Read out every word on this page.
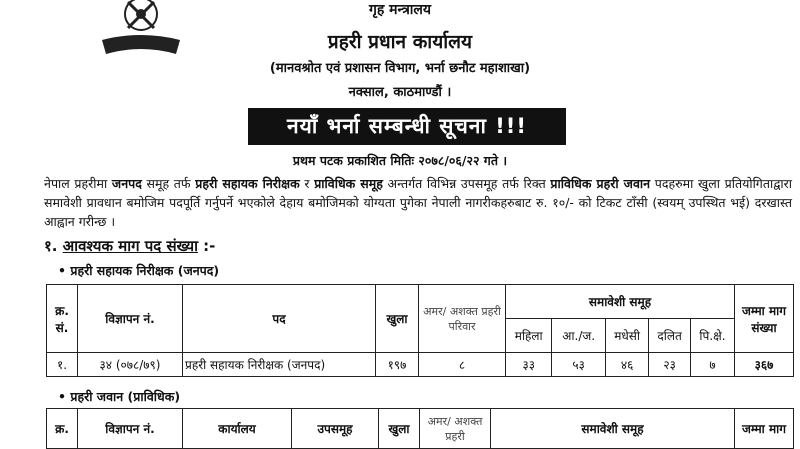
गृह मन्त्रालय
प्रहरी प्रधान कार्यालय
(मानवश्रोत एवं प्रशासन विभाग, भर्ना छनौट महाशाखा)
नक्साल, काठमाण्डौं ।
नयाँ भर्ना सम्बन्धी सूचना !!!
प्रथम पटक प्रकाशित मितिः २०७८/०६/२२ गते ।
नेपाल प्रहरीमा जनपद समूह तर्फ प्रहरी सहायक निरीक्षक र प्राविधिक समूह अन्तर्गत विभिन्न उपसमूह तर्फ रिक्त प्राविधिक प्रहरी जवान पदहरुमा खुला प्रतियोगिताद्वारा समावेशी प्रावधान बमोजिम पदपूर्ति गर्नुपर्ने भएकोले देहाय बमोजिमको योग्यता पुगेका नेपाली नागरीकहरुबाट रु. १०/- को टिकट टाँसी (स्वयम् उपस्थित भई) दरखास्त आह्वान गरीन्छ ।
१. आवश्यक माग पद संख्या :-
• प्रहरी सहायक निरीक्षक (जनपद)
क्र. सं.	विज्ञापन नं.	पद	खुला	अमर/ अशक्त प्रहरी परिवार	समावेशी समूह					जम्मा माग संख्या
					महिला	आ./ज.	मधेसी	दलित	पि.क्षे.	
१.	३४ (०७८/७९)	प्रहरी सहायक निरीक्षक (जनपद)	१९७	८	३३	५३	४६	२३	७	३६७
• प्रहरी जवान (प्राविधिक)
क्र.	विज्ञापन नं.	कार्यालय	उपसमूह	खुला	अमर/ अशक्त प्रहरी	समावेशी समूह	जम्मा माग
